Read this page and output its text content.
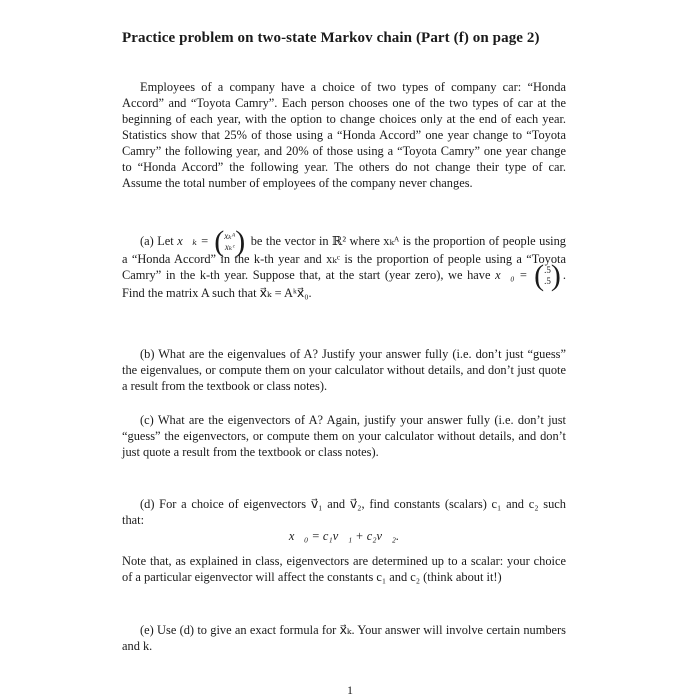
Practice problem on two-state Markov chain (Part (f) on page 2)

Employees of a company have a choice of two types of company car: “Honda Accord” and “Toyota Camry”. Each person chooses one of the two types of car at the beginning of each year, with the option to change choices only at the end of each year. Statistics show that 25% of those using a “Honda Accord” one year change to “Toyota Camry” the following year, and 20% of those using a “Toyota Camry” one year change to “Honda Accord” the following year. The others do not change their type of car. Assume the total number of employees of the company never changes.

(a) Let x⃗ₖ = ( xₖᴬ
xₖᶜ ) be the vector in ℝ² where xₖᴬ is the proportion of people using a “Honda Accord” in the k-th year and xₖᶜ is the proportion of people using a “Toyota Camry” in the k-th year. Suppose that, at the start (year zero), we have x⃗₀ = ( .5
.5 ) . Find the matrix A such that x⃗ₖ = Aᵏx⃗₀.

(b) What are the eigenvalues of A? Justify your answer fully (i.e. don’t just “guess” the eigenvalues, or compute them on your calculator without details, and don’t just quote a result from the textbook or class notes).

(c) What are the eigenvectors of A? Again, justify your answer fully (i.e. don’t just “guess” the eigenvectors, or compute them on your calculator without details, and don’t just quote a result from the textbook or class notes).

(d) For a choice of eigenvectors v⃗₁ and v⃗₂, find constants (scalars) c₁ and c₂ such that:

x⃗₀ = c₁v⃗₁ + c₂v⃗₂.

Note that, as explained in class, eigenvectors are determined up to a scalar: your choice of a particular eigenvector will affect the constants c₁ and c₂ (think about it!)

(e) Use (d) to give an exact formula for x⃗ₖ. Your answer will involve certain numbers and k.

1
